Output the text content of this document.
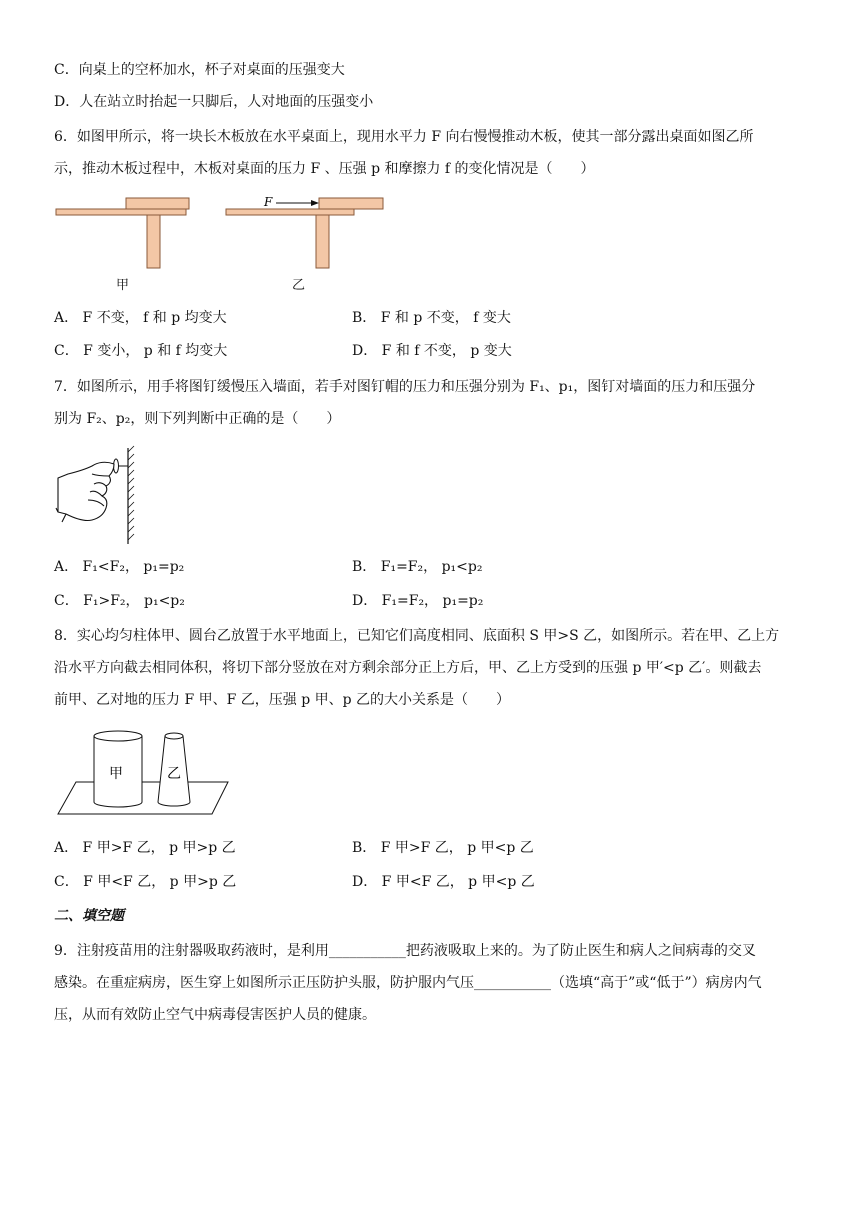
C．向桌上的空杯加水，杯子对桌面的压强变大
D．人在站立时抬起一只脚后，人对地面的压强变小
6．如图甲所示，将一块长木板放在水平桌面上，现用水平力 F 向右慢慢推动木板，使其一部分露出桌面如图乙所
示，推动木板过程中，木板对桌面的压力 F 、压强 p 和摩擦力 f 的变化情况是（　　）
F
甲	乙
A． F 不变， f 和 p 均变大	B． F 和 p 不变， f 变大
C． F 变小， p 和 f 均变大	D． F 和 f 不变， p 变大
7．如图所示，用手将图钉缓慢压入墙面，若手对图钉帽的压力和压强分别为 F₁、p₁，图钉对墙面的压力和压强分
别为 F₂、p₂，则下列判断中正确的是（　　）
A． F₁<F₂， p₁=p₂	B． F₁=F₂， p₁<p₂
C． F₁>F₂， p₁<p₂	D． F₁=F₂， p₁=p₂
8．实心均匀柱体甲、圆台乙放置于水平地面上，已知它们高度相同、底面积 S 甲>S 乙，如图所示。若在甲、乙上方
沿水平方向截去相同体积，将切下部分竖放在对方剩余部分正上方后，甲、乙上方受到的压强 p 甲′<p 乙′。则截去
前甲、乙对地的压力 F 甲、F 乙，压强 p 甲、p 乙的大小关系是（　　）
甲	乙
A． F 甲>F 乙， p 甲>p 乙	B． F 甲>F 乙， p 甲<p 乙
C． F 甲<F 乙， p 甲>p 乙	D． F 甲<F 乙， p 甲<p 乙
二、填空题
9．注射疫苗用的注射器吸取药液时，是利用___________把药液吸取上来的。为了防止医生和病人之间病毒的交叉
感染。在重症病房，医生穿上如图所示正压防护头服，防护服内气压___________（选填“高于”或“低于”）病房内气
压，从而有效防止空气中病毒侵害医护人员的健康。
